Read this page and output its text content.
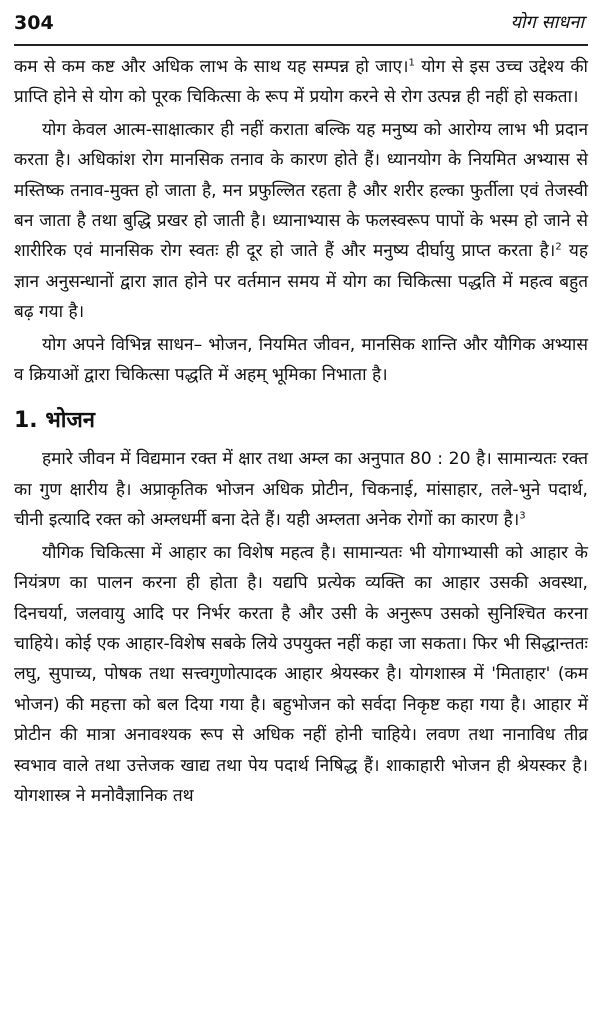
304	योग साधना

कम से कम कष्ट और अधिक लाभ के साथ यह सम्पन्न हो जाए।$^1$ योग से इस उच्च उद्देश्य की प्राप्ति होने से योग को पूरक चिकित्सा के रूप में प्रयोग करने से रोग उत्पन्न ही नहीं हो सकता।

योग केवल आत्म-साक्षात्कार ही नहीं कराता बल्कि यह मनुष्य को आरोग्य लाभ भी प्रदान करता है। अधिकांश रोग मानसिक तनाव के कारण होते हैं। ध्यानयोग के नियमित अभ्यास से मस्तिष्क तनाव-मुक्त हो जाता है, मन प्रफुल्लित रहता है और शरीर हल्का फुर्तीला एवं तेजस्वी बन जाता है तथा बुद्धि प्रखर हो जाती है। ध्यानाभ्यास के फलस्वरूप पापों के भस्म हो जाने से शारीरिक एवं मानसिक रोग स्वतः ही दूर हो जाते हैं और मनुष्य दीर्घायु प्राप्त करता है।$^2$ यह ज्ञान अनुसन्धानों द्वारा ज्ञात होने पर वर्तमान समय में योग का चिकित्सा पद्धति में महत्व बहुत बढ़ गया है।

योग अपने विभिन्न साधन– भोजन, नियमित जीवन, मानसिक शान्ति और यौगिक अभ्यास व क्रियाओं द्वारा चिकित्सा पद्धति में अहम् भूमिका निभाता है।

1. भोजन

हमारे जीवन में विद्यमान रक्त में क्षार तथा अम्ल का अनुपात 80 : 20 है। सामान्यतः रक्त का गुण क्षारीय है। अप्राकृतिक भोजन अधिक प्रोटीन, चिकनाई, मांसाहार, तले-भुने पदार्थ, चीनी इत्यादि रक्त को अम्लधर्मी बना देते हैं। यही अम्लता अनेक रोगों का कारण है।$^3$

यौगिक चिकित्सा में आहार का विशेष महत्व है। सामान्यतः भी योगाभ्यासी को आहार के नियंत्रण का पालन करना ही होता है। यद्यपि प्रत्येक व्यक्ति का आहार उसकी अवस्था, दिनचर्या, जलवायु आदि पर निर्भर करता है और उसी के अनुरूप उसको सुनिश्चित करना चाहिये। कोई एक आहार-विशेष सबके लिये उपयुक्त नहीं कहा जा सकता। फिर भी सिद्धान्ततः लघु, सुपाच्य, पोषक तथा सत्त्वगुणोत्पादक आहार श्रेयस्कर है। योगशास्त्र में 'मिताहार' (कम भोजन) की महत्ता को बल दिया गया है। बहुभोजन को सर्वदा निकृष्ट कहा गया है। आहार में प्रोटीन की मात्रा अनावश्यक रूप से अधिक नहीं होनी चाहिये। लवण तथा नानाविध तीव्र स्वभाव वाले तथा उत्तेजक खाद्य तथा पेय पदार्थ निषिद्ध हैं। शाकाहारी भोजन ही श्रेयस्कर है। योगशास्त्र ने मनोवैज्ञानिक तथ
